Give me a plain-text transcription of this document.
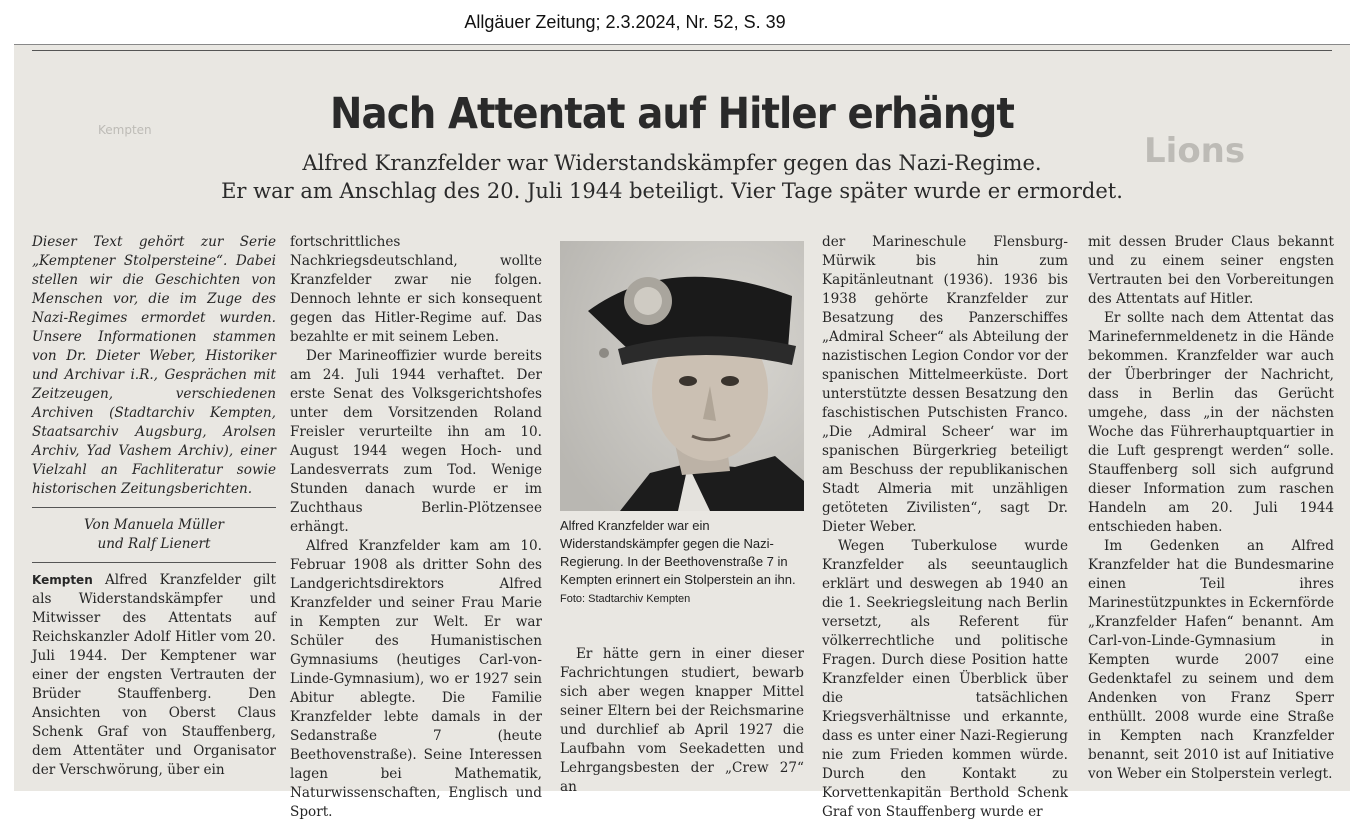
Allgäuer Zeitung; 2.3.2024, Nr. 52, S. 39
Lions
Kempten	Nach Attentat auf Hitler erhängt
Alfred Kranzfelder war Widerstandskämpfer gegen das Nazi-Regime.
Er war am Anschlag des 20. Juli 1944 beteiligt. Vier Tage später wurde er ermordet.

Dieser Text gehört zur Serie „Kemptener Stolpersteine“. Dabei stellen wir die Geschichten von Menschen vor, die im Zuge des Nazi-Regimes ermordet wurden. Unsere Informationen stammen von Dr. Dieter Weber, Historiker und Archivar i.R., Gesprächen mit Zeitzeugen, verschiedenen Archiven (Stadtarchiv Kempten, Staatsarchiv Augsburg, Arolsen Archiv, Yad Vashem Archiv), einer Vielzahl an Fachliteratur sowie historischen Zeitungsberichten.

Von Manuela Müller
und Ralf Lienert

Kempten Alfred Kranzfelder gilt als Widerstandskämpfer und Mitwisser des Attentats auf Reichskanzler Adolf Hitler vom 20. Juli 1944. Der Kemptener war einer der engsten Vertrauten der Brüder Stauffenberg. Den Ansichten von Oberst Claus Schenk Graf von Stauffenberg, dem Attentäter und Organisator der Verschwörung, über ein

fortschrittliches Nachkriegsdeutschland, wollte Kranzfelder zwar nie folgen. Dennoch lehnte er sich konsequent gegen das Hitler-Regime auf. Das bezahlte er mit seinem Leben.

Der Marineoffizier wurde bereits am 24. Juli 1944 verhaftet. Der erste Senat des Volksgerichtshofes unter dem Vorsitzenden Roland Freisler verurteilte ihn am 10. August 1944 wegen Hoch- und Landesverrats zum Tod. Wenige Stunden danach wurde er im Zuchthaus Berlin-Plötzensee erhängt.

Alfred Kranzfelder kam am 10. Februar 1908 als dritter Sohn des Landgerichtsdirektors Alfred Kranzfelder und seiner Frau Marie in Kempten zur Welt. Er war Schüler des Humanistischen Gymnasiums (heutiges Carl-von-Linde-Gymnasium), wo er 1927 sein Abitur ablegte. Die Familie Kranzfelder lebte damals in der Sedanstraße 7 (heute Beethovenstraße). Seine Interessen lagen bei Mathematik, Naturwissenschaften, Englisch und Sport.

Alfred Kranzfelder war ein Widerstandskämpfer gegen die Nazi-Regierung. In der Beethovenstraße 7 in Kempten erinnert ein Stolperstein an ihn. Foto: Stadtarchiv Kempten

Er hätte gern in einer dieser Fachrichtungen studiert, bewarb sich aber wegen knapper Mittel seiner Eltern bei der Reichsmarine und durchlief ab April 1927 die Laufbahn vom Seekadetten und Lehrgangsbesten der „Crew 27“ an

der Marineschule Flensburg-Mürwik bis hin zum Kapitänleutnant (1936). 1936 bis 1938 gehörte Kranzfelder zur Besatzung des Panzerschiffes „Admiral Scheer“ als Abteilung der nazistischen Legion Condor vor der spanischen Mittelmeerküste. Dort unterstützte dessen Besatzung den faschistischen Putschisten Franco. „Die ‚Admiral Scheer‘ war im spanischen Bürgerkrieg beteiligt am Beschuss der republikanischen Stadt Almeria mit unzähligen getöteten Zivilisten“, sagt Dr. Dieter Weber.

Wegen Tuberkulose wurde Kranzfelder als seeuntauglich erklärt und deswegen ab 1940 an die 1. Seekriegsleitung nach Berlin versetzt, als Referent für völkerrechtliche und politische Fragen. Durch diese Position hatte Kranzfelder einen Überblick über die tatsächlichen Kriegsverhältnisse und erkannte, dass es unter einer Nazi-Regierung nie zum Frieden kommen würde. Durch den Kontakt zu Korvettenkapitän Berthold Schenk Graf von Stauffenberg wurde er

mit dessen Bruder Claus bekannt und zu einem seiner engsten Vertrauten bei den Vorbereitungen des Attentats auf Hitler.

Er sollte nach dem Attentat das Marinefernmeldenetz in die Hände bekommen. Kranzfelder war auch der Überbringer der Nachricht, dass in Berlin das Gerücht umgehe, dass „in der nächsten Woche das Führerhauptquartier in die Luft gesprengt werden“ solle. Stauffenberg soll sich aufgrund dieser Information zum raschen Handeln am 20. Juli 1944 entschieden haben.

Im Gedenken an Alfred Kranzfelder hat die Bundesmarine einen Teil ihres Marinestützpunktes in Eckernförde „Kranzfelder Hafen“ benannt. Am Carl-von-Linde-Gymnasium in Kempten wurde 2007 eine Gedenktafel zu seinem und dem Andenken von Franz Sperr enthüllt. 2008 wurde eine Straße in Kempten nach Kranzfelder benannt, seit 2010 ist auf Initiative von Weber ein Stolperstein verlegt.
